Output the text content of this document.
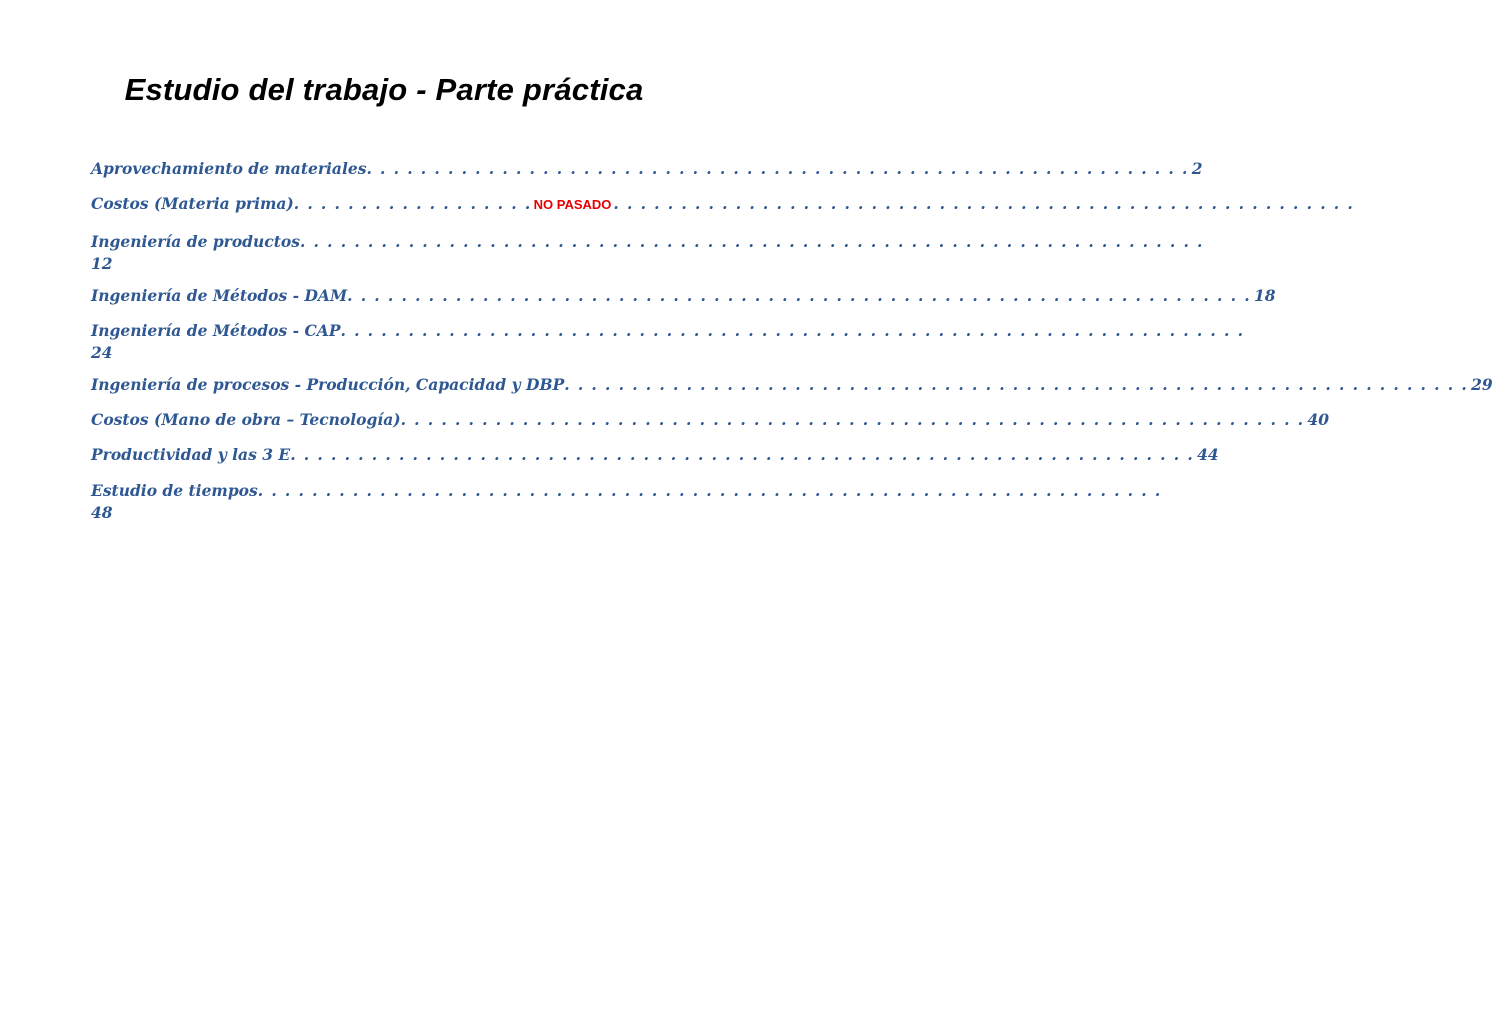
Estudio del trabajo - Parte práctica
Aprovechamiento de materiales . . . . . . . . . . . . . . . . . . . . . . . . . . . . . . . . . . . . . . . . . . . . . . . . . . . . . . . . . . . . . 2
Costos (Materia prima) . . . . . . . . . . . . . . . . . . NO PASADO . . . . . . . . . . . . . . . . . . . . . . . . . . . . . . . . . . . . . . . . . . . . . . . . . . . . . . .
Ingeniería de productos . . . . . . . . . . . . . . . . . . . . . . . . . . . . . . . . . . . . . . . . . . . . . . . . . . . . . . . . . . . . . . . . . . .
12
Ingeniería de Métodos - DAM . . . . . . . . . . . . . . . . . . . . . . . . . . . . . . . . . . . . . . . . . . . . . . . . . . . . . . . . . . . . . . . . . . . 18
Ingeniería de Métodos - CAP . . . . . . . . . . . . . . . . . . . . . . . . . . . . . . . . . . . . . . . . . . . . . . . . . . . . . . . . . . . . . . . . . . .
24
Ingeniería de procesos - Producción, Capacidad y DBP . . . . . . . . . . . . . . . . . . . . . . . . . . . . . . . . . . . . . . . . . . . . . . . . . . . . . . . . . . . . . . . . . . . 29
Costos (Mano de obra – Tecnología) . . . . . . . . . . . . . . . . . . . . . . . . . . . . . . . . . . . . . . . . . . . . . . . . . . . . . . . . . . . . . . . . . . . 40
Productividad y las 3 E . . . . . . . . . . . . . . . . . . . . . . . . . . . . . . . . . . . . . . . . . . . . . . . . . . . . . . . . . . . . . . . . . . . 44
Estudio de tiempos . . . . . . . . . . . . . . . . . . . . . . . . . . . . . . . . . . . . . . . . . . . . . . . . . . . . . . . . . . . . . . . . . . .
48
